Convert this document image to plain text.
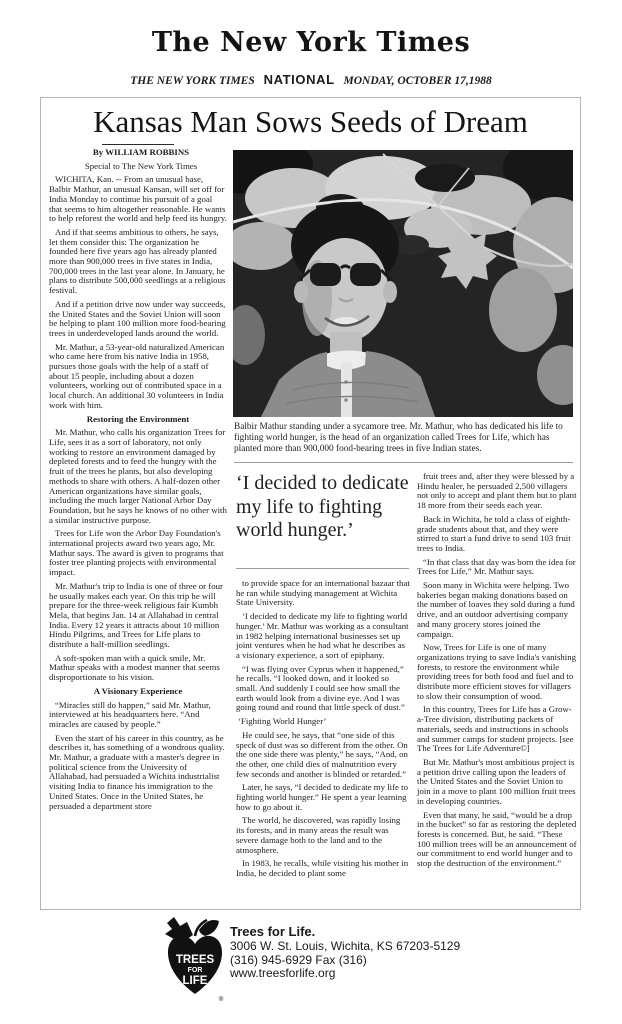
The New York Times
THE NEW YORK TIMES NATIONAL MONDAY, OCTOBER 17,1988
Kansas Man Sows Seeds of Dream

By WILLIAM ROBBINS

Special to The New York Times

WICHITA, Kan. -- From an unusual base, Balbir Mathur, an unusual Kansan, will set off for India Monday to continue his pursuit of a goal that seems to him altogether reasonable. He wants to help reforest the world and help feed its hungry.

And if that seems ambitious to others, he says, let them consider this: The organization he founded here five years ago has already planted more than 900,000 trees in five states in India, 700,000 trees in the last year alone. In January, he plans to distribute 500,000 seedlings at a religious festival.

And if a petition drive now under way succeeds, the United States and the Soviet Union will soon be helping to plant 100 million more food-bearing trees in underdeveloped lands around the world.

Mr. Mathur, a 53-year-old naturalized American who came here from his native India in 1958, pursues those goals with the help of a staff of about 15 people, including about a dozen volunteers, working out of contributed space in a local church. An additional 30 volunteers in India work with him.

Restoring the Environment

Mr. Mathur, who calls his organization Trees for Life, sees it as a sort of laboratory, not only working to restore an environment damaged by depleted forests and to feed the hungry with the fruit of the trees he plants, but also developing methods to share with others. A half-dozen other American organizations have similar goals, including the much larger National Arbor Day Foundation, but he says he knows of no other with a similar instructive purpose.

Trees for Life won the Arbor Day Foundation's international projects award two years ago, Mr. Mathur says. The award is given to programs that foster tree planting projects with environmental impact.

Mr. Mathur's trip to India is one of three or four he usually makes each year. On this trip he will prepare for the three-week religious fair Kumbh Mela, that begins Jan. 14 at Allahabad in central India. Every 12 years it attracts about 10 million Hindu Pilgrims, and Trees for Life plans to distribute a half-million seedlings.

A soft-spoken man with a quick smile, Mr. Mathur speaks with a modest manner that seems disproportionate to his vision.

A Visionary Experience

“Miracles still do happen,” said Mr. Mathur, interviewed at his headquarters here. “And miracles are caused by people.”

Even the start of his career in this country, as he describes it, has something of a wondrous quality. Mr. Mathur, a graduate with a master's degree in political science from the University of Allahabad, had persuaded a Wichita industrialist visiting India to finance his immigration to the United States. Once in the United States, he persuaded a department store

Balbir Mathur standing under a sycamore tree. Mr. Mathur, who has dedicated his life to fighting world hunger, is the head of an organization called Trees for Life, which has planted more than 900,000 food-bearing trees in five Indian states.
‘I decided to dedicate my life to fighting world hunger.’

to provide space for an international bazaar that he ran while studying management at Wichita State University.

‘I decided to dedicate my life to fighting world hunger.’ Mr. Mathur was working as a consultant in 1982 helping international businesses set up joint ventures when he had what he describes as a visionary experience, a sort of epiphany.

“I was flying over Cyprus when it happened,” he recalls. “I looked down, and it looked so small. And suddenly I could see how small the earth would look from a divine eye. And I was going round and round that little speck of dust.”

‘Fighting World Hunger’

He could see, he says, that “one side of this speck of dust was so different from the other. On the one side there was plenty,” he says, “And, on the other, one child dies of malnutrition every few seconds and another is blinded or retarded.”

Later, he says, “I decided to dedicate my life to fighting world hunger.” He spent a year learning how to go about it.

The world, he discovered, was rapidly losing its forests, and in many areas the result was severe damage both to the land and to the atmosphere.

In 1983, he recalls, while visiting his mother in India, he decided to plant some

fruit trees and, after they were blessed by a Hindu healer, he persuaded 2,500 villagers not only to accept and plant them but to plant 18 more from their seeds each year.

Back in Wichita, he told a class of eighth-grade students about that, and they were stirred to start a fund drive to send 103 fruit trees to India.

“In that class that day was born the idea for Trees for Life,” Mr. Mathur says.

Soon many in Wichita were helping. Two bakeries began making donations based on the number of loaves they sold during a fund drive, and an outdoor advertising company and many grocery stores joined the campaign.

Now, Trees for Life is one of many organizations trying to save India's vanishing forests, to restore the environment while providing trees for both food and fuel and to distribute more efficient stoves for villagers to slow their consumption of wood.

In this country, Trees for Life has a Grow-a-Tree division, distributing packets of materials, seeds and instructions in schools and summer camps for student projects. [see The Trees for Life Adventure©]

But Mr. Mathur's most ambitious project is a petition drive calling upon the leaders of the United States and the Soviet Union to join in a move to plant 100 million fruit trees in developing countries.

Even that many, he said, “would be a drop in the bucket” so far as restoring the depleted forests is concerned. But, he said. “These 100 million trees will be an announcement of our commitment to end world hunger and to stop the destruction of the environment.”

TREES
FOR
LIFE
®

Trees for Life.

3006 W. St. Louis, Wichita, KS 67203-5129

(316) 945-6929 Fax (316)

www.treesforlife.org
